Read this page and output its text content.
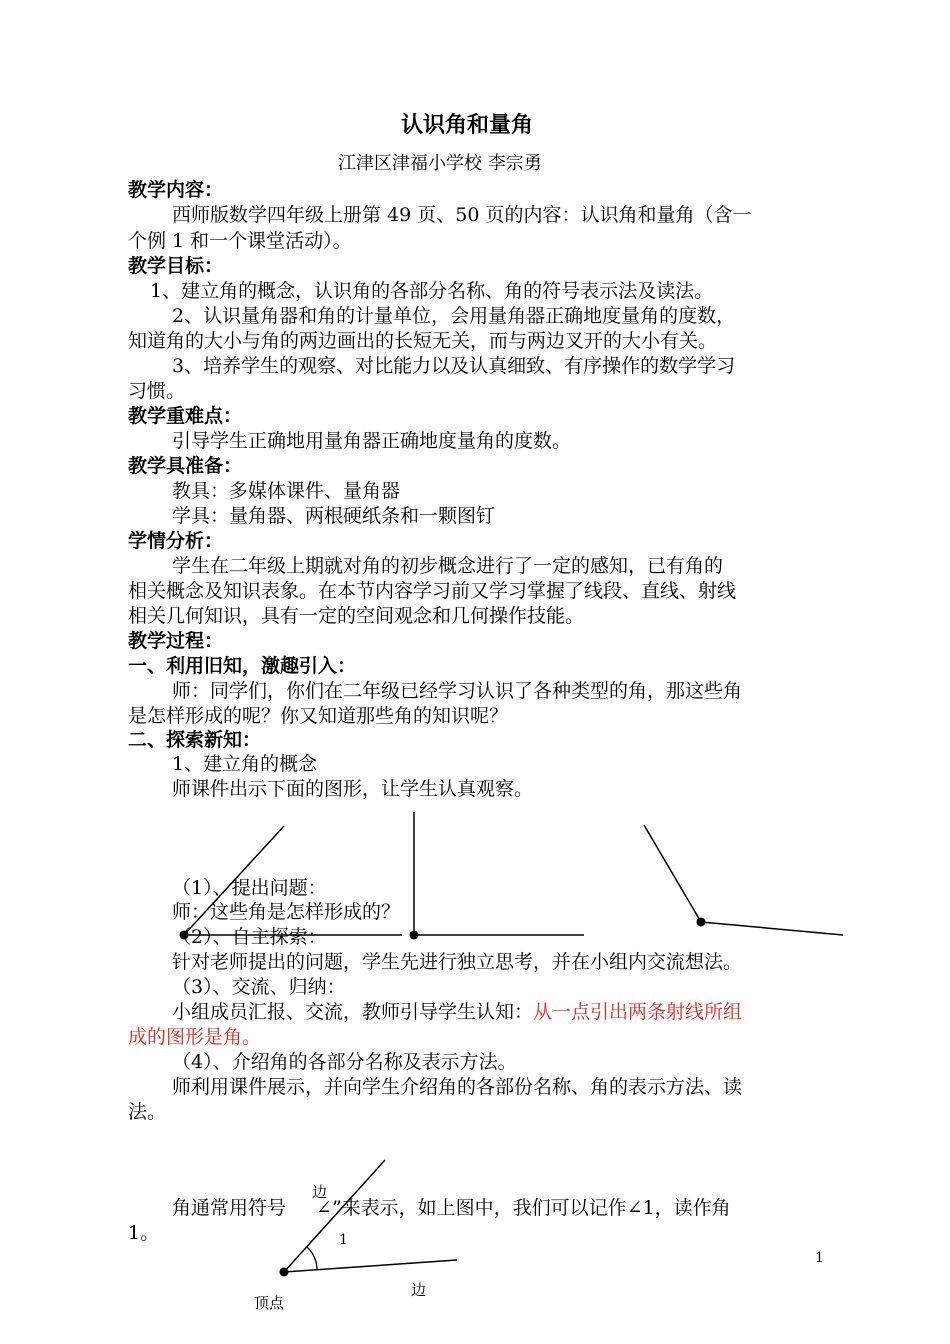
认识角和量角
江津区津福小学校 李宗勇
教学内容：
西师版数学四年级上册第 49 页、50 页的内容：认识角和量角（含一
个例 1 和一个课堂活动）。
教学目标：
1、建立角的概念，认识角的各部分名称、角的符号表示法及读法。
2、认识量角器和角的计量单位，会用量角器正确地度量角的度数，
知道角的大小与角的两边画出的长短无关，而与两边叉开的大小有关。
3、培养学生的观察、对比能力以及认真细致、有序操作的数学学习
习惯。
教学重难点：
引导学生正确地用量角器正确地度量角的度数。
教学具准备：
教具：多媒体课件、量角器
学具：量角器、两根硬纸条和一颗图钉
学情分析：
学生在二年级上期就对角的初步概念进行了一定的感知，已有角的
相关概念及知识表象。在本节内容学习前又学习掌握了线段、直线、射线
相关几何知识，具有一定的空间观念和几何操作技能。
教学过程：
一、利用旧知，激趣引入：
师：同学们，你们在二年级已经学习认识了各种类型的角，那这些角
是怎样形成的呢？你又知道那些角的知识呢？
二、探索新知：
1、建立角的概念
师课件出示下面的图形，让学生认真观察。
（1）、提出问题：
师：这些角是怎样形成的？
（2）、自主探索：
针对老师提出的问题，学生先进行独立思考，并在小组内交流想法。
（3）、交流、归纳：
小组成员汇报、交流，教师引导学生认知：从一点引出两条射线所组
成的图形是角。
（4）、介绍角的各部分名称及表示方法。
师利用课件展示，并向学生介绍角的各部份名称、角的表示方法、读
法。
边
1
边
顶点
角通常用符号 ∠”来表示，如上图中，我们可以记作∠1，读作角
1。
1
